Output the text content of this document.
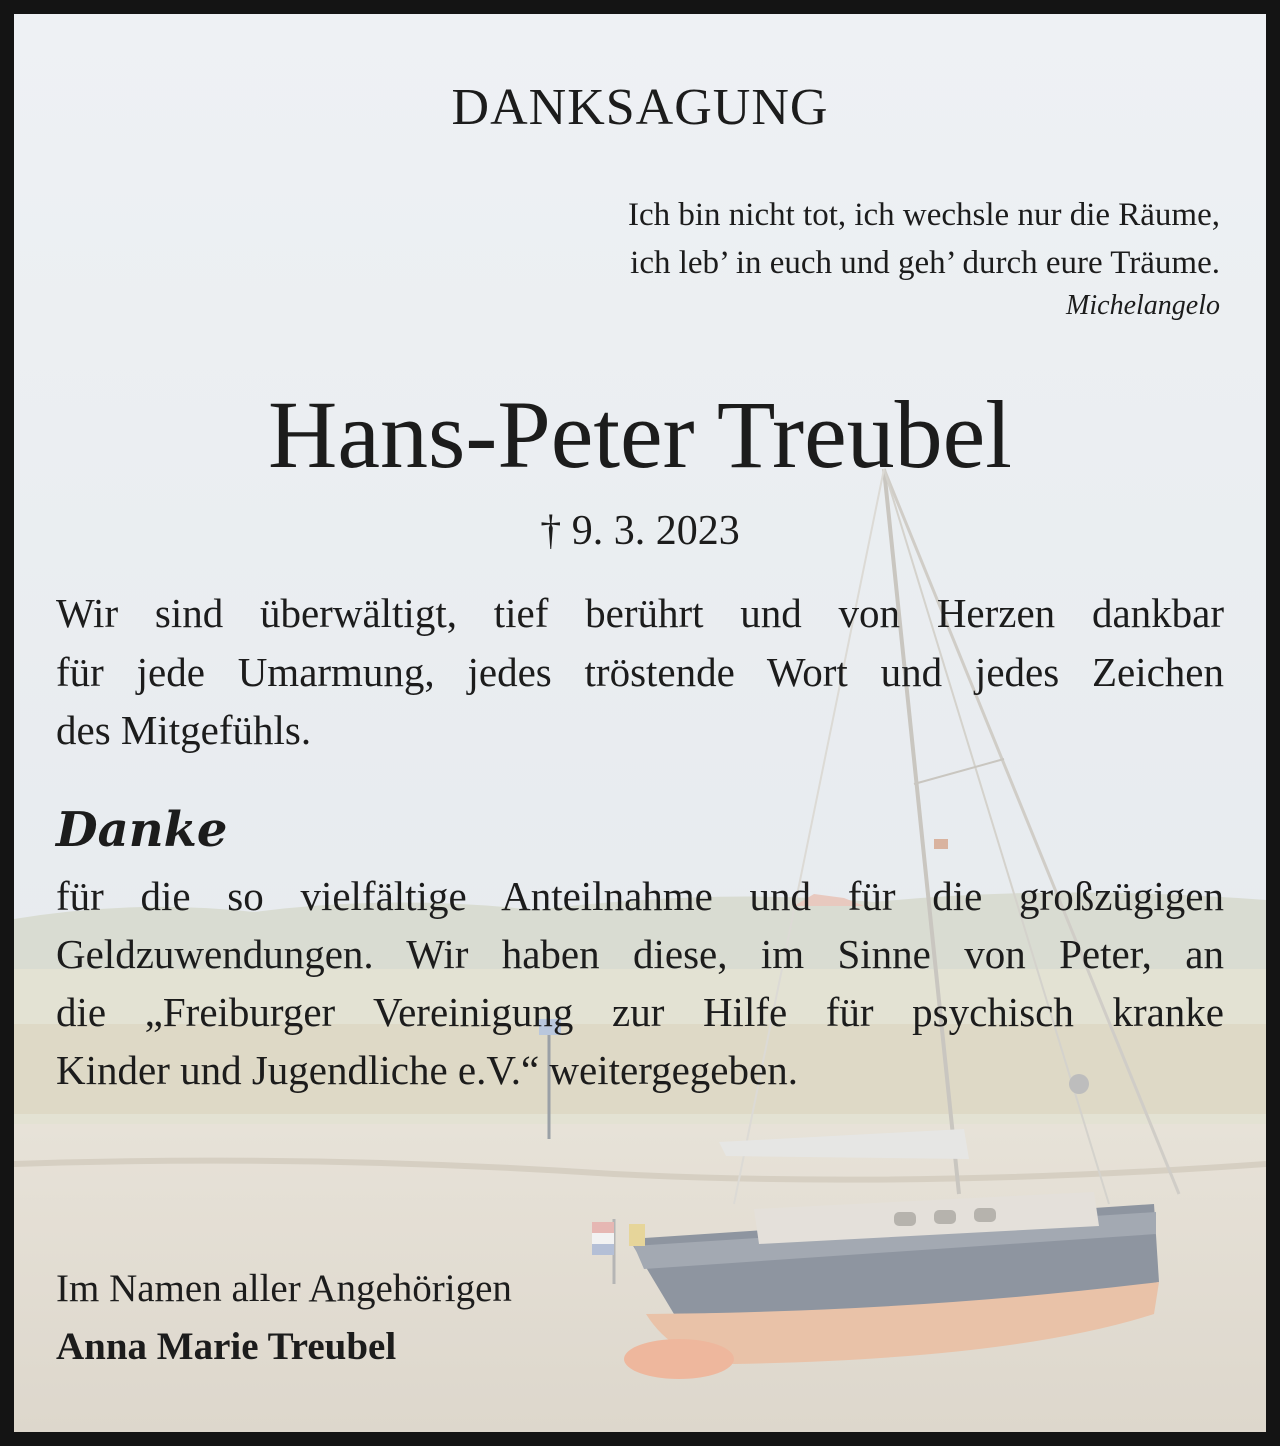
DANKSAGUNG
Ich bin nicht tot, ich wechsle nur die Räume,
ich leb’ in euch und geh’ durch eure Träume.
Michelangelo
Hans-Peter Treubel
† 9. 3. 2023
Wir sind überwältigt, tief berührt und von Herzen dankbar
für jede Umarmung, jedes tröstende Wort und jedes Zeichen
des Mitgefühls.
Danke
für die so vielfältige Anteilnahme und für die großzügigen
Geldzuwendungen. Wir haben diese, im Sinne von Peter, an
die „Freiburger Vereinigung zur Hilfe für psychisch kranke
Kinder und Jugendliche e.V.“ weitergegeben.
Im Namen aller Angehörigen
Anna Marie Treubel
